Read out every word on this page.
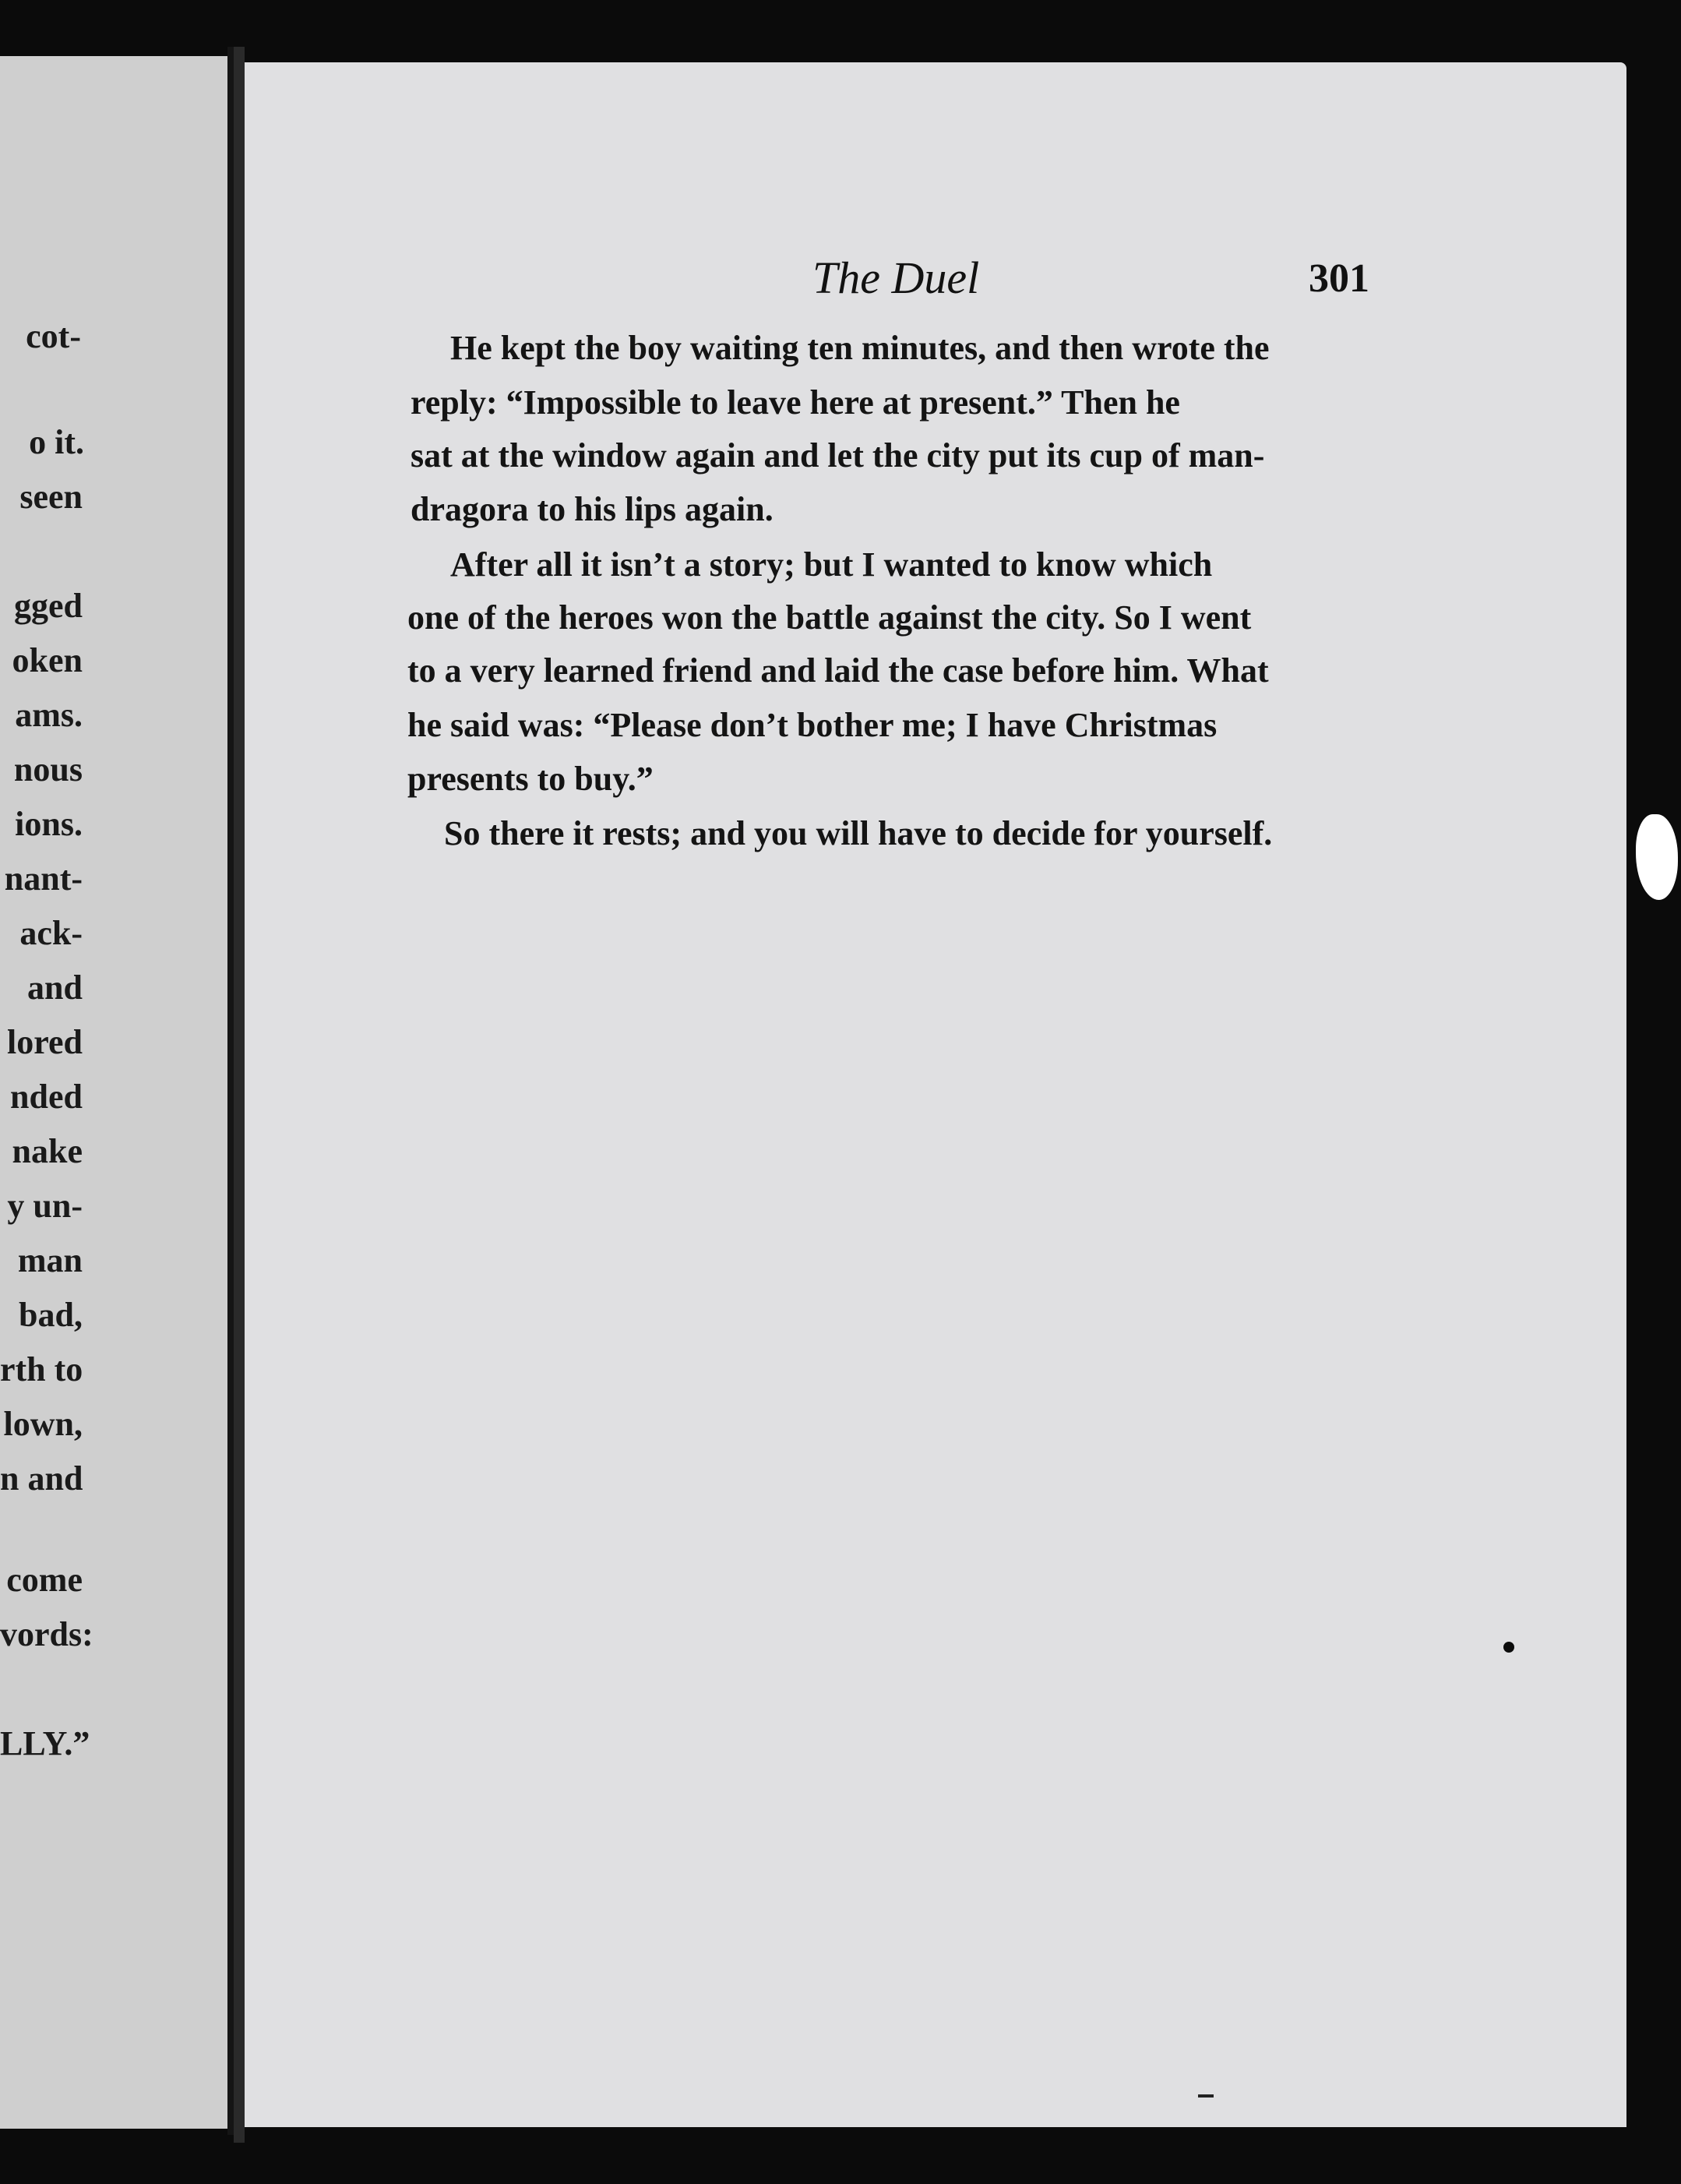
cot-
o it.
seen
gged
oken
ams.
nous
ions.
nant-
ack-
and
lored
nded
nake
y un-
man
bad,
rth to
lown,
n and
come
vords:
LLY.”
The Duel	301
He kept the boy waiting ten minutes, and then wrote the
reply: “Impossible to leave here at present.” Then he
sat at the window again and let the city put its cup of man-
dragora to his lips again.
After all it isn’t a story; but I wanted to know which
one of the heroes won the battle against the city. So I went
to a very learned friend and laid the case before him. What
he said was: “Please don’t bother me; I have Christmas
presents to buy.”
So there it rests; and you will have to decide for yourself.
